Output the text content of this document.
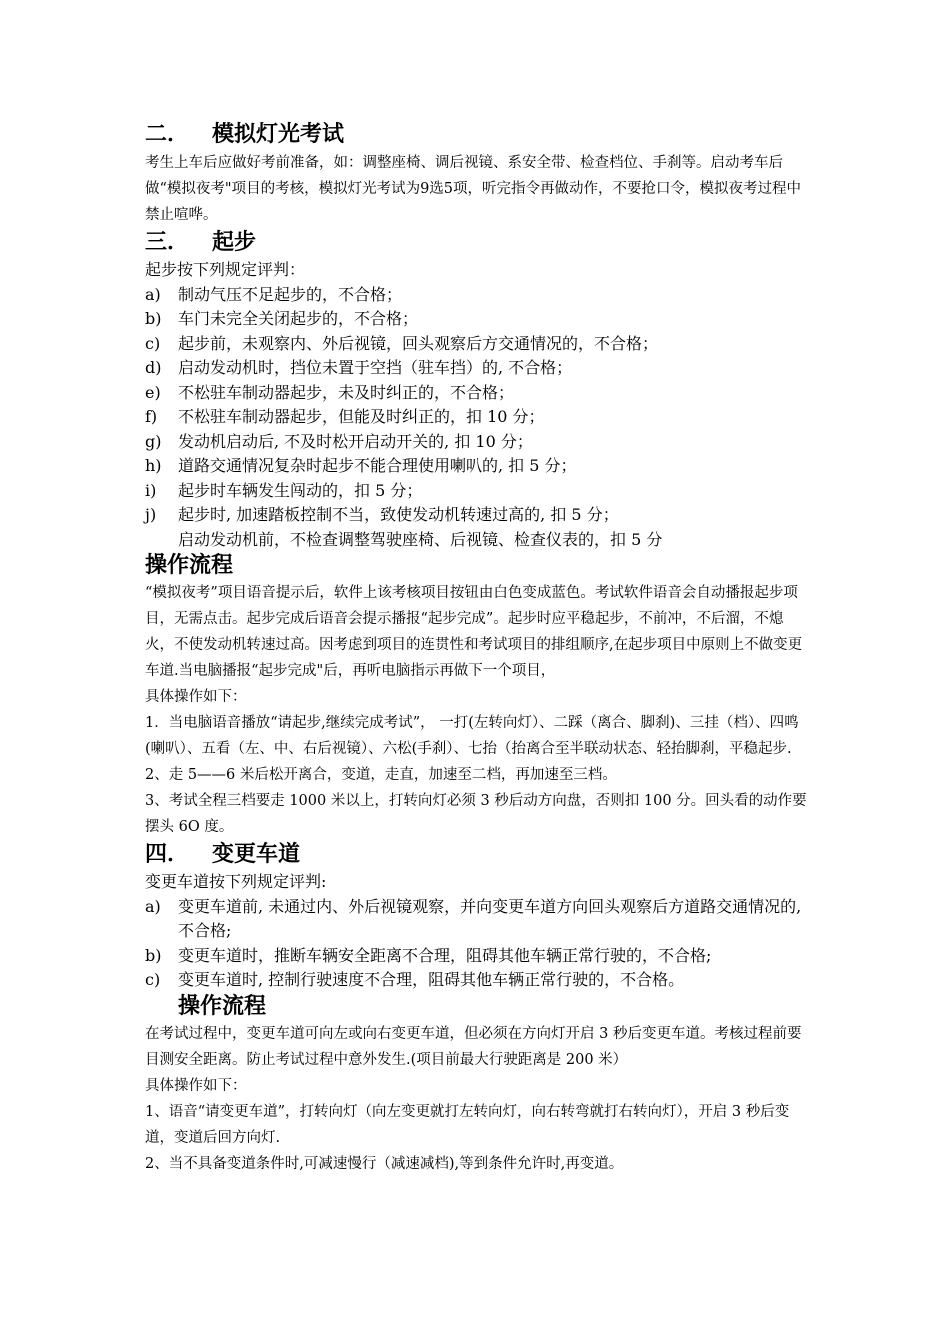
二． 模拟灯光考试

考生上车后应做好考前准备，如：调整座椅、调后视镜、系安全带、检查档位、手刹等。启动考车后做“模拟夜考"项目的考核，模拟灯光考试为9选5项，听完指令再做动作，不要抢口令，模拟夜考过程中禁止喧哗。

三． 起步

起步按下列规定评判：

a)	制动气压不足起步的，不合格；
b)	车门未完全关闭起步的，不合格；
c)	起步前，未观察内、外后视镜，回头观察后方交通情况的，不合格；
d)	启动发动机时，挡位未置于空挡（驻车挡）的, 不合格；
e)	不松驻车制动器起步，未及时纠正的，不合格；
f)	不松驻车制动器起步，但能及时纠正的，扣 10 分；
g)	发动机启动后, 不及时松开启动开关的, 扣 10 分；
h)	道路交通情况复杂时起步不能合理使用喇叭的, 扣 5 分；
i)	起步时车辆发生闯动的，扣 5 分；
j)	起步时, 加速踏板控制不当，致使发动机转速过高的, 扣 5 分；

启动发动机前，不检查调整驾驶座椅、后视镜、检查仪表的，扣 5 分

操作流程

“模拟夜考”项目语音提示后，软件上该考核项目按钮由白色变成蓝色。考试软件语音会自动播报起步项目，无需点击。起步完成后语音会提示播报“起步完成”。起步时应平稳起步，不前冲，不后溜，不熄火，不使发动机转速过高。因考虑到项目的连贯性和考试项目的排组顺序,在起步项目中原则上不做变更车道.当电脑播报“起步完成"后，再听电脑指示再做下一个项目，

具体操作如下：

1．当电脑语音播放“请起步,继续完成考试”， 一打(左转向灯）、二踩（离合、脚刹)、三挂（档）、四鸣(喇叭）、五看（左、中、右后视镜）、六松(手刹）、七抬（抬离合至半联动状态、轻抬脚刹，平稳起步.

2、走 5——6 米后松开离合，变道，走直，加速至二档，再加速至三档。

3、考试全程三档要走 1000 米以上，打转向灯必须 3 秒后动方向盘，否则扣 100 分。回头看的动作要摆头 6O 度。

四． 变更车道

变更车道按下列规定评判:

a)	变更车道前, 未通过内、外后视镜观察，并向变更车道方向回头观察后方道路交通情况的, 不合格;
b)	变更车道时，推断车辆安全距离不合理，阻碍其他车辆正常行驶的，不合格;
c)	变更车道时, 控制行驶速度不合理，阻碍其他车辆正常行驶的，不合格。
操作流程

在考试过程中，变更车道可向左或向右变更车道，但必须在方向灯开启 3 秒后变更车道。考核过程前要目测安全距离。防止考试过程中意外发生.(项目前最大行驶距离是 200 米）

具体操作如下：

1、语音“请变更车道”，打转向灯（向左变更就打左转向灯，向右转弯就打右转向灯），开启 3 秒后变道，变道后回方向灯.

2、当不具备变道条件时,可减速慢行（减速减档),等到条件允许时,再变道。
